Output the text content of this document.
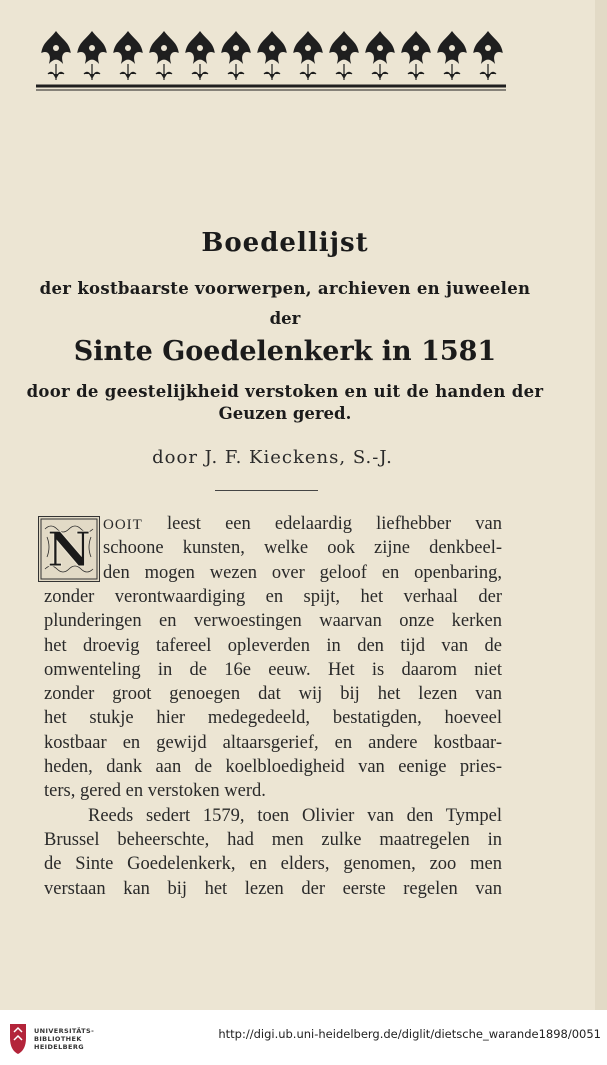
Boedellijst
der kostbaarste voorwerpen, archieven en juweelen
der
Sinte Goedelenkerk in 1581
door de geestelijkheid verstoken en uit de handen der
Geuzen gered.
door J. F. Kieckens, S.-J.
N OOIT leest een edelaardig liefhebber van
schoone kunsten, welke ook zijne denkbeel-
den mogen wezen over geloof en openbaring,
zonder verontwaardiging en spijt, het verhaal der
plunderingen en verwoestingen waarvan onze kerken
het droevig tafereel opleverden in den tijd van de
omwenteling in de 16e eeuw. Het is daarom niet
zonder groot genoegen dat wij bij het lezen van
het stukje hier medegedeeld, bestatigden, hoeveel
kostbaar en gewijd altaarsgerief, en andere kostbaar-
heden, dank aan de koelbloedigheid van eenige pries-
ters, gered en verstoken werd.
Reeds sedert 1579, toen Olivier van den Tympel
Brussel beheerschte, had men zulke maatregelen in
de Sinte Goedelenkerk, en elders, genomen, zoo men
verstaan kan bij het lezen der eerste regelen van
UNIVERSITÄTS-
BIBLIOTHEK
HEIDELBERG
http://digi.ub.uni-heidelberg.de/diglit/dietsche_warande1898/0051
